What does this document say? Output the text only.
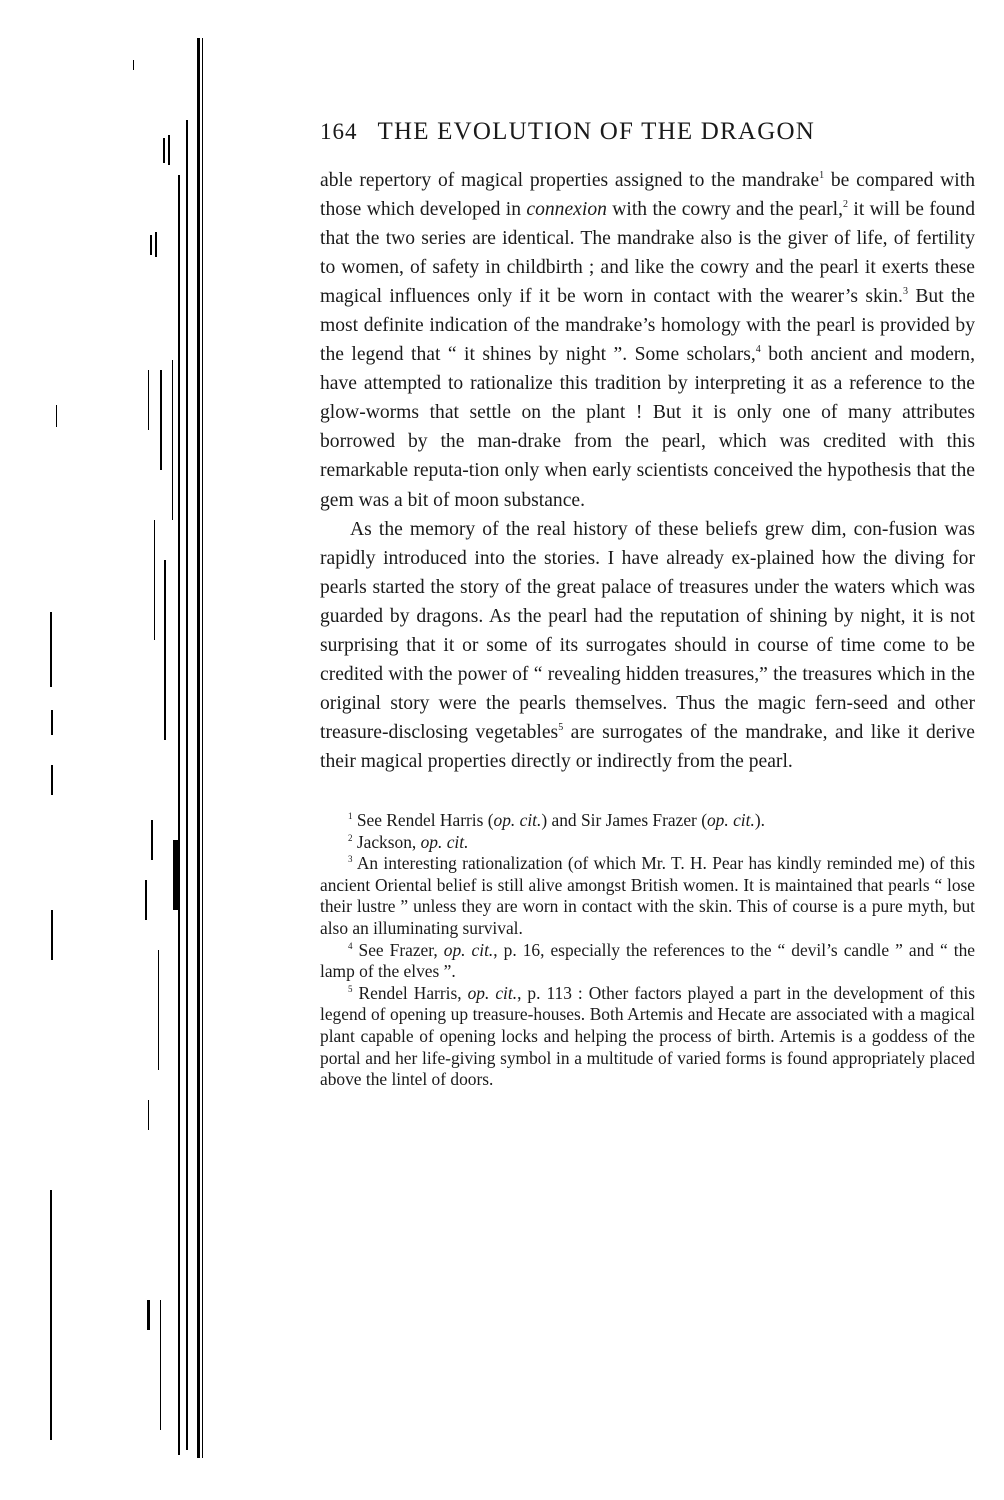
164 THE EVOLUTION OF THE DRAGON

able repertory of magical properties assigned to the mandrake$^1$ be compared with those which developed in connexion with the cowry and the pearl,$^2$ it will be found that the two series are identical. The mandrake also is the giver of life, of fertility to women, of safety in childbirth ; and like the cowry and the pearl it exerts these magical influences only if it be worn in contact with the wearer’s skin.$^3$ But the most definite indication of the mandrake’s homology with the pearl is provided by the legend that “ it shines by night ”. Some scholars,$^4$ both ancient and modern, have attempted to rationalize this tradition by interpreting it as a reference to the glow-worms that settle on the plant ! But it is only one of many attributes borrowed by the man-drake from the pearl, which was credited with this remarkable reputa-tion only when early scientists conceived the hypothesis that the gem was a bit of moon substance.

As the memory of the real history of these beliefs grew dim, con-fusion was rapidly introduced into the stories. I have already ex-plained how the diving for pearls started the story of the great palace of treasures under the waters which was guarded by dragons. As the pearl had the reputation of shining by night, it is not surprising that it or some of its surrogates should in course of time come to be credited with the power of “ revealing hidden treasures,” the treasures which in the original story were the pearls themselves. Thus the magic fern-seed and other treasure-disclosing vegetables$^5$ are surrogates of the mandrake, and like it derive their magical properties directly or indirectly from the pearl.

$^1$ See Rendel Harris (op. cit.) and Sir James Frazer (op. cit.).

$^2$ Jackson, op. cit.

$^3$ An interesting rationalization (of which Mr. T. H. Pear has kindly reminded me) of this ancient Oriental belief is still alive amongst British women. It is maintained that pearls “ lose their lustre ” unless they are worn in contact with the skin. This of course is a pure myth, but also an illuminating survival.

$^4$ See Frazer, op. cit., p. 16, especially the references to the “ devil’s candle ” and “ the lamp of the elves ”.

$^5$ Rendel Harris, op. cit., p. 113 : Other factors played a part in the development of this legend of opening up treasure-houses. Both Artemis and Hecate are associated with a magical plant capable of opening locks and helping the process of birth. Artemis is a goddess of the portal and her life-giving symbol in a multitude of varied forms is found appropriately placed above the lintel of doors.
